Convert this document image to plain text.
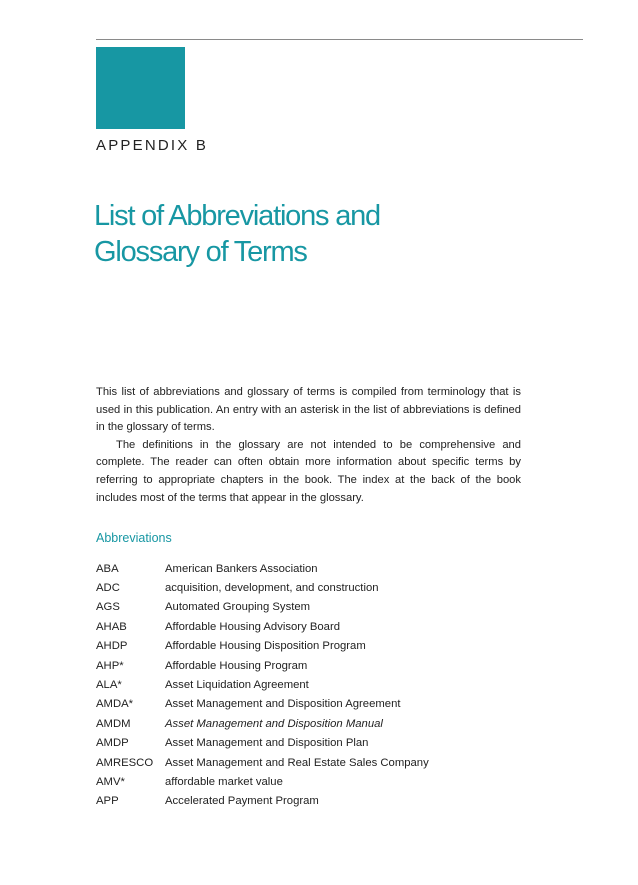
APPENDIX B
List of Abbreviations and
Glossary of Terms

This list of abbreviations and glossary of terms is compiled from terminology that is used in this publication. An entry with an asterisk in the list of abbreviations is defined in the glossary of terms.

The definitions in the glossary are not intended to be comprehensive and complete. The reader can often obtain more information about specific terms by referring to appropriate chapters in the book. The index at the back of the book includes most of the terms that appear in the glossary.

Abbreviations
ABA	American Bankers Association
ADC	acquisition, development, and construction
AGS	Automated Grouping System
AHAB	Affordable Housing Advisory Board
AHDP	Affordable Housing Disposition Program
AHP*	Affordable Housing Program
ALA*	Asset Liquidation Agreement
AMDA*	Asset Management and Disposition Agreement
AMDM	Asset Management and Disposition Manual
AMDP	Asset Management and Disposition Plan
AMRESCO	Asset Management and Real Estate Sales Company
AMV*	affordable market value
APP	Accelerated Payment Program
